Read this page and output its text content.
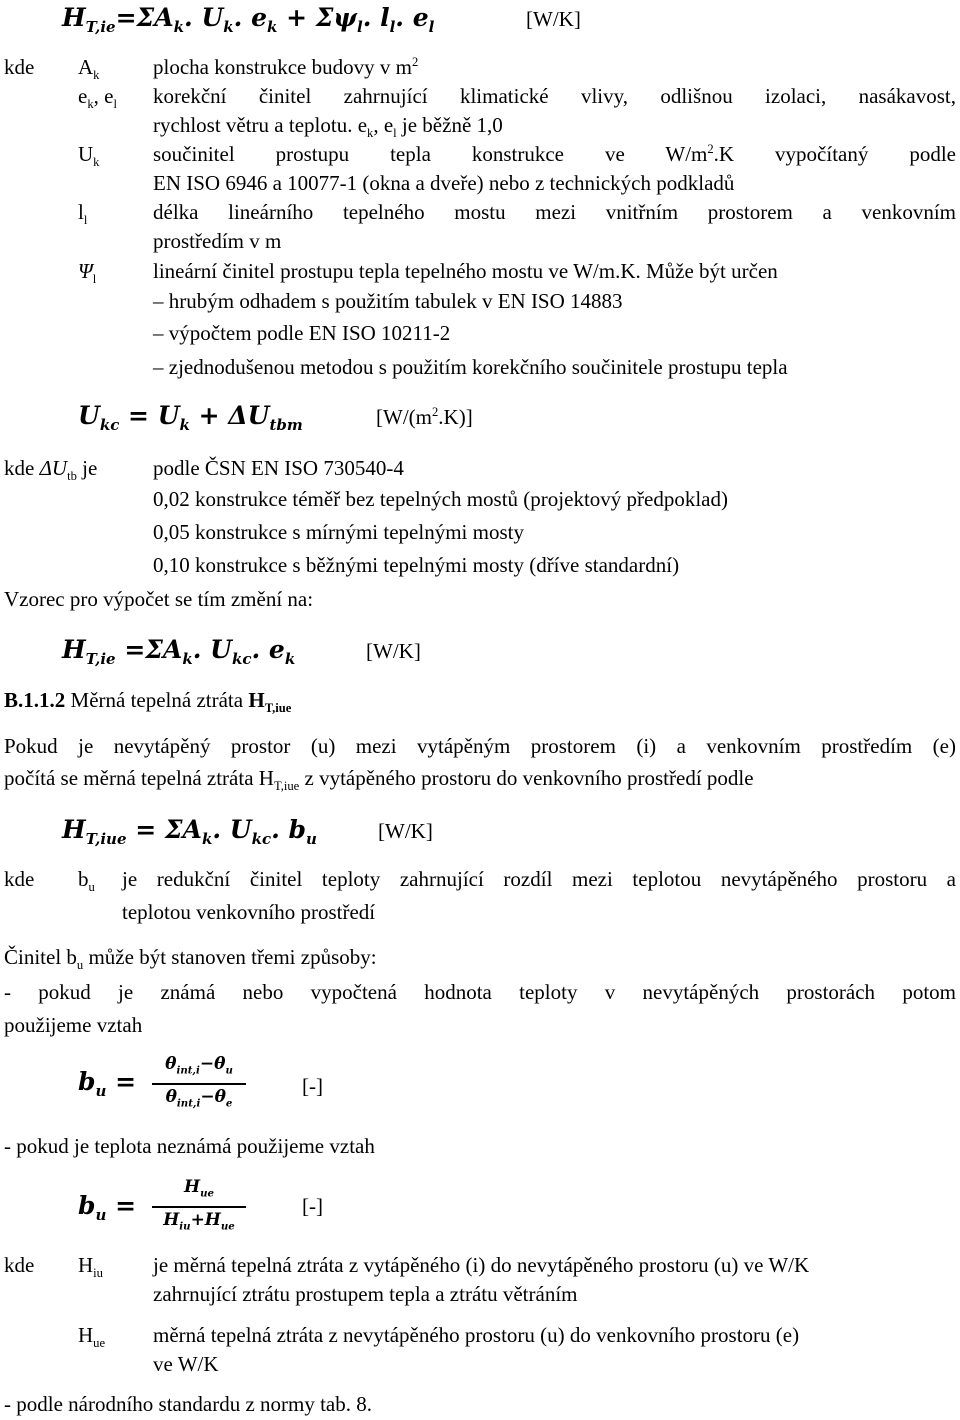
$H_{T,ie}=\Sigma A_k$. $U_k$. $e_k + \Sigma\psi_l$. $l_l$. $e_l$	[W/K]
kde $A_k$	plocha konstrukce budovy v $m^2$
$e_k$, $e_l$ korekční činitel zahrnující klimatické vlivy, odlišnou izolaci, nasákavost,
rychlost větru a teplotu. $e_k$, $e_l$ je běžně 1,0
$U_k$	součinitel prostupu tepla konstrukce ve $W/m^2.K$ vypočítaný podle
EN ISO 6946 a 10077-1 (okna a dveře) nebo z technických podkladů
$l_l$	délka lineárního tepelného mostu mezi vnitřním prostorem a venkovním
prostředím v m
$\Psi_l$	lineární činitel prostupu tepla tepelného mostu ve W/m.K. Může být určen
– hrubým odhadem s použitím tabulek v EN ISO 14883
– výpočtem podle EN ISO 10211-2
– zjednodušenou metodou s použitím korekčního součinitele prostupu tepla
$U_{kc} = U_k + \Delta U_{tbm}$	$[W/(m^2.K)]$
kde $\Delta U_{tb}$ je	podle ČSN EN ISO 730540-4
0,02 konstrukce téměř bez tepelných mostů (projektový předpoklad)
0,05 konstrukce s mírnými tepelnými mosty
0,10 konstrukce s běžnými tepelnými mosty (dříve standardní)
Vzorec pro výpočet se tím změní na:
$H_{T,ie} =\Sigma A_k$. $U_{kc}$. $e_k$	[W/K]
B.1.1.2 Měrná tepelná ztráta $H_{T,iue}$
Pokud je nevytápěný prostor (u) mezi vytápěným prostorem (i) a venkovním prostředím (e)
počítá se měrná tepelná ztráta $H_{T,iue}$ z vytápěného prostoru do venkovního prostředí podle
$H_{T,iue} = \Sigma A_k$. $U_{kc}$. $b_u$	[W/K]
kde $b_u$ je redukční činitel teploty zahrnující rozdíl mezi teplotou nevytápěného prostoru a
teplotou venkovního prostředí
Činitel $b_u$ může být stanoven třemi způsoby:
- pokud je známá nebo vypočtená hodnota teploty v nevytápěných prostorách potom
použijeme vztah
$b_u$ =
$\theta_{int,i}-\theta_u$
$\theta_{int,i}-\theta_e$
[-]
- pokud je teplota neznámá použijeme vztah
$b_u$ =
$H_{ue}$
$H_{iu}+H_{ue}$
[-]
kde $H_{iu}$ je měrná tepelná ztráta z vytápěného (i) do nevytápěného prostoru (u) ve W/K
zahrnující ztrátu prostupem tepla a ztrátu větráním
$H_{ue}$ měrná tepelná ztráta z nevytápěného prostoru (u) do venkovního prostoru (e)
ve W/K
- podle národního standardu z normy tab. 8.
